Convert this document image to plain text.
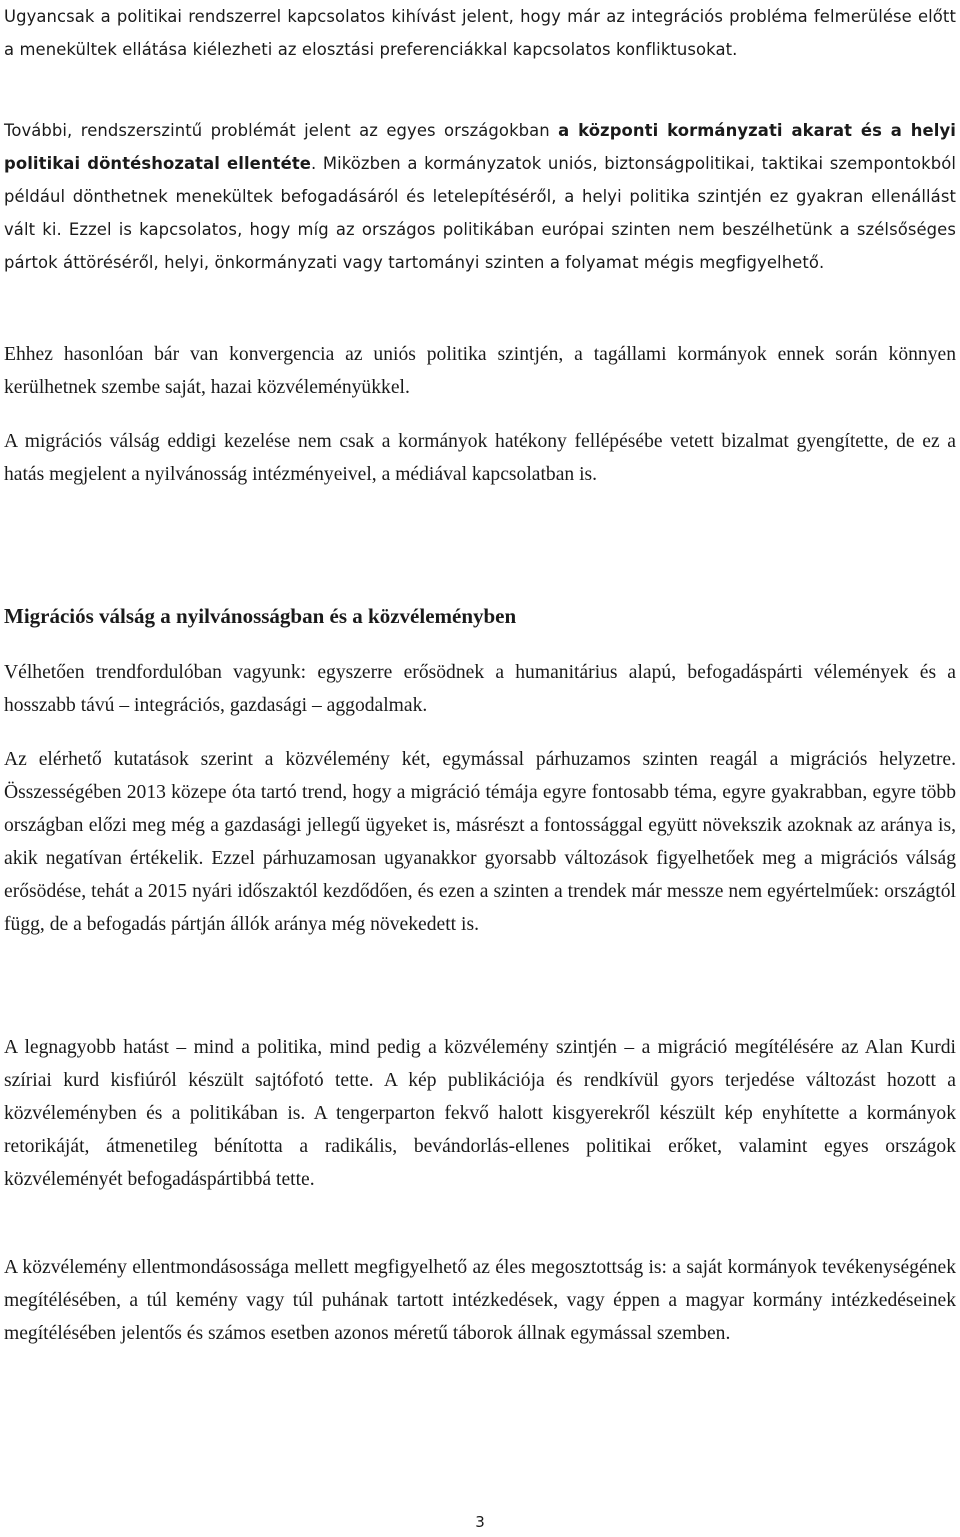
Ugyancsak a politikai rendszerrel kapcsolatos kihívást jelent, hogy már az integrációs probléma felmerülése előtt a menekültek ellátása kiélezheti az elosztási preferenciákkal kapcsolatos konfliktusokat.

További, rendszerszintű problémát jelent az egyes országokban a központi kormányzati akarat és a helyi politikai döntéshozatal ellentéte. Miközben a kormányzatok uniós, biztonságpolitikai, taktikai szempontokból például dönthetnek menekültek befogadásáról és letelepítéséről, a helyi politika szintjén ez gyakran ellenállást vált ki. Ezzel is kapcsolatos, hogy míg az országos politikában európai szinten nem beszélhetünk a szélsőséges pártok áttöréséről, helyi, önkormányzati vagy tartományi szinten a folyamat mégis megfigyelhető.

Ehhez hasonlóan bár van konvergencia az uniós politika szintjén, a tagállami kormányok ennek során könnyen kerülhetnek szembe saját, hazai közvéleményükkel.

A migrációs válság eddigi kezelése nem csak a kormányok hatékony fellépésébe vetett bizalmat gyengítette, de ez a hatás megjelent a nyilvánosság intézményeivel, a médiával kapcsolatban is.

Migrációs válság a nyilvánosságban és a közvéleményben

Vélhetően trendfordulóban vagyunk: egyszerre erősödnek a humanitárius alapú, befogadáspárti vélemények és a hosszabb távú – integrációs, gazdasági – aggodalmak.

Az elérhető kutatások szerint a közvélemény két, egymással párhuzamos szinten reagál a migrációs helyzetre. Összességében 2013 közepe óta tartó trend, hogy a migráció témája egyre fontosabb téma, egyre gyakrabban, egyre több országban előzi meg még a gazdasági jellegű ügyeket is, másrészt a fontossággal együtt növekszik azoknak az aránya is, akik negatívan értékelik. Ezzel párhuzamosan ugyanakkor gyorsabb változások figyelhetőek meg a migrációs válság erősödése, tehát a 2015 nyári időszaktól kezdődően, és ezen a szinten a trendek már messze nem egyértelműek: országtól függ, de a befogadás pártján állók aránya még növekedett is.

A legnagyobb hatást – mind a politika, mind pedig a közvélemény szintjén – a migráció megítélésére az Alan Kurdi szíriai kurd kisfiúról készült sajtófotó tette. A kép publikációja és rendkívül gyors terjedése változást hozott a közvéleményben és a politikában is. A tengerparton fekvő halott kisgyerekről készült kép enyhítette a kormányok retorikáját, átmenetileg bénította a radikális, bevándorlás-ellenes politikai erőket, valamint egyes országok közvéleményét befogadáspártibbá tette.

A közvélemény ellentmondásossága mellett megfigyelhető az éles megosztottság is: a saját kormányok tevékenységének megítélésében, a túl kemény vagy túl puhának tartott intézkedések, vagy éppen a magyar kormány intézkedéseinek megítélésében jelentős és számos esetben azonos méretű táborok állnak egymással szemben.

3
